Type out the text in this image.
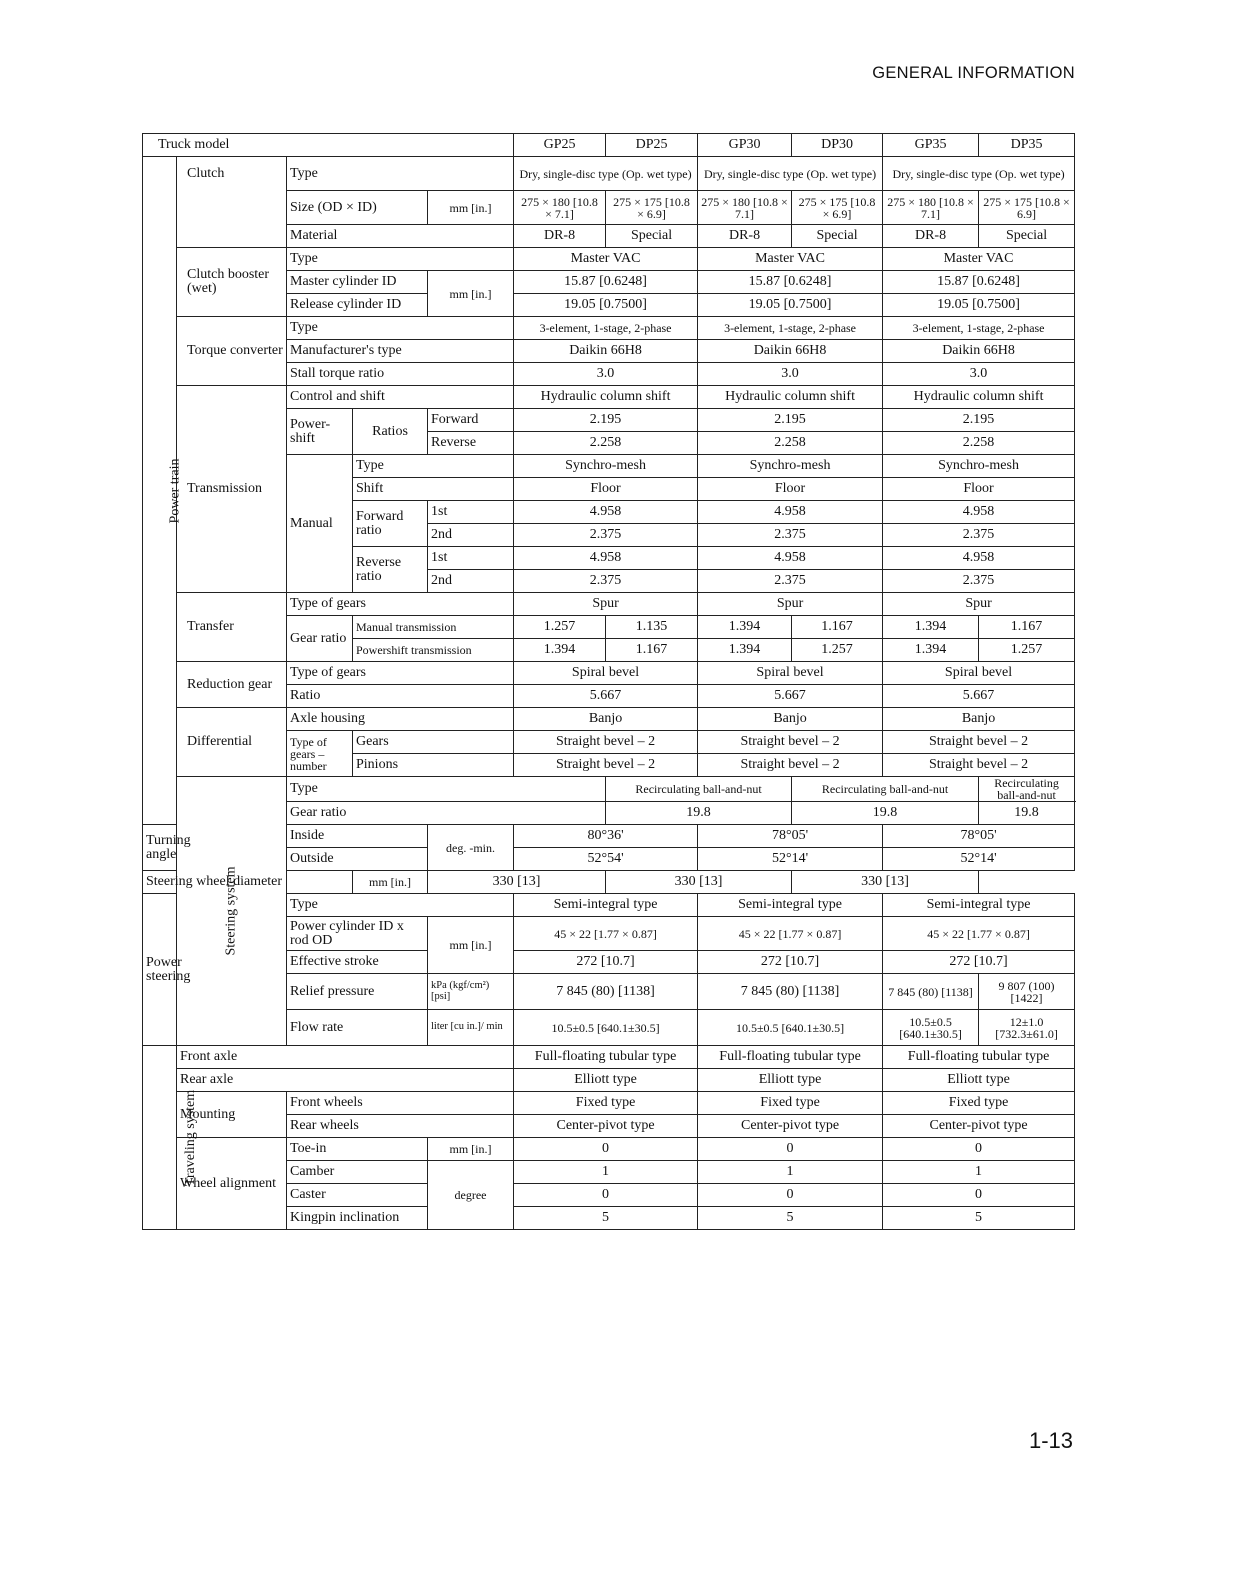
GENERAL INFORMATION
Truck model					GP25	DP25	GP30	DP30	GP35	DP35
Power train	Clutch	Type			Dry, single-disc type (Op. wet type)		Dry, single-disc type (Op. wet type)		Dry, single-disc type (Op. wet type)	
		Size (OD × ID)		mm [in.]	275 × 180 [10.8 × 7.1]	275 × 175 [10.8 × 6.9]	275 × 180 [10.8 × 7.1]	275 × 175 [10.8 × 6.9]	275 × 180 [10.8 × 7.1]	275 × 175 [10.8 × 6.9]
		Material			DR-8	Special	DR-8	Special	DR-8	Special
	Clutch booster (wet)	Type			Master VAC		Master VAC		Master VAC	
		Master cylinder ID		mm [in.]	15.87 [0.6248]		15.87 [0.6248]		15.87 [0.6248]	
		Release cylinder ID			19.05 [0.7500]		19.05 [0.7500]		19.05 [0.7500]	
	Torque converter	Type			3-element, 1-stage, 2-phase		3-element, 1-stage, 2-phase		3-element, 1-stage, 2-phase	
		Manufacturer's type			Daikin 66H8		Daikin 66H8		Daikin 66H8	
		Stall torque ratio			3.0		3.0		3.0	
	Transmission	Control and shift			Hydraulic column shift		Hydraulic column shift		Hydraulic column shift	
		Power-shift	Ratios	Forward	2.195		2.195		2.195	
				Reverse	2.258		2.258		2.258	
		Manual	Type		Synchro-mesh		Synchro-mesh		Synchro-mesh	
			Shift		Floor		Floor		Floor	
			Forward ratio	1st	4.958		4.958		4.958	
				2nd	2.375		2.375		2.375	
			Reverse ratio	1st	4.958		4.958		4.958	
				2nd	2.375		2.375		2.375	
	Transfer	Type of gears			Spur		Spur		Spur	
		Gear ratio	Manual transmission		1.257	1.135	1.394	1.167	1.394	1.167
			Powershift transmission		1.394	1.167	1.394	1.257	1.394	1.257
	Reduction gear	Type of gears			Spiral bevel		Spiral bevel		Spiral bevel	
		Ratio			5.667		5.667		5.667	
	Differential	Axle housing			Banjo		Banjo		Banjo	
		Type of gears – number	Gears		Straight bevel – 2		Straight bevel – 2		Straight bevel – 2	
			Pinions		Straight bevel – 2		Straight bevel – 2		Straight bevel – 2	
	Steering system	Type				Recirculating ball-and-nut		Recirculating ball-and-nut		Recirculating ball-and-nut
		Gear ratio				19.8		19.8		19.8
Turning angle		Inside		deg. -min.	80°36'		78°05'		78°05'	
		Outside			52°54'		52°14'		52°14'	
Steering wheel diameter			mm [in.]	330 [13]		330 [13]		330 [13]		
Power steering		Type			Semi-integral type		Semi-integral type		Semi-integral type	
		Power cylinder ID x rod OD		mm [in.]	45 × 22 [1.77 × 0.87]		45 × 22 [1.77 × 0.87]		45 × 22 [1.77 × 0.87]	
		Effective stroke			272 [10.7]		272 [10.7]		272 [10.7]	
		Relief pressure		kPa (kgf/cm²) [psi]	7 845 (80) [1138]		7 845 (80) [1138]		7 845 (80) [1138]	9 807 (100) [1422]

		Flow rate		liter [cu in.]/ min	10.5±0.5 [640.1±30.5]		10.5±0.5 [640.1±30.5]		10.5±0.5 [640.1±30.5]	12±1.0 [732.3±61.0]

Traveling system	Front axle				Full-floating tubular type		Full-floating tubular type		Full-floating tubular type	
	Rear axle				Elliott type		Elliott type		Elliott type	
	Mounting	Front wheels			Fixed type		Fixed type		Fixed type	
		Rear wheels			Center-pivot type		Center-pivot type		Center-pivot type	
	Wheel alignment	Toe-in		mm [in.]	0		0		0	
		Camber		degree	1		1		1	
		Caster			0		0		0	
		Kingpin inclination			5		5		5	
1-13
